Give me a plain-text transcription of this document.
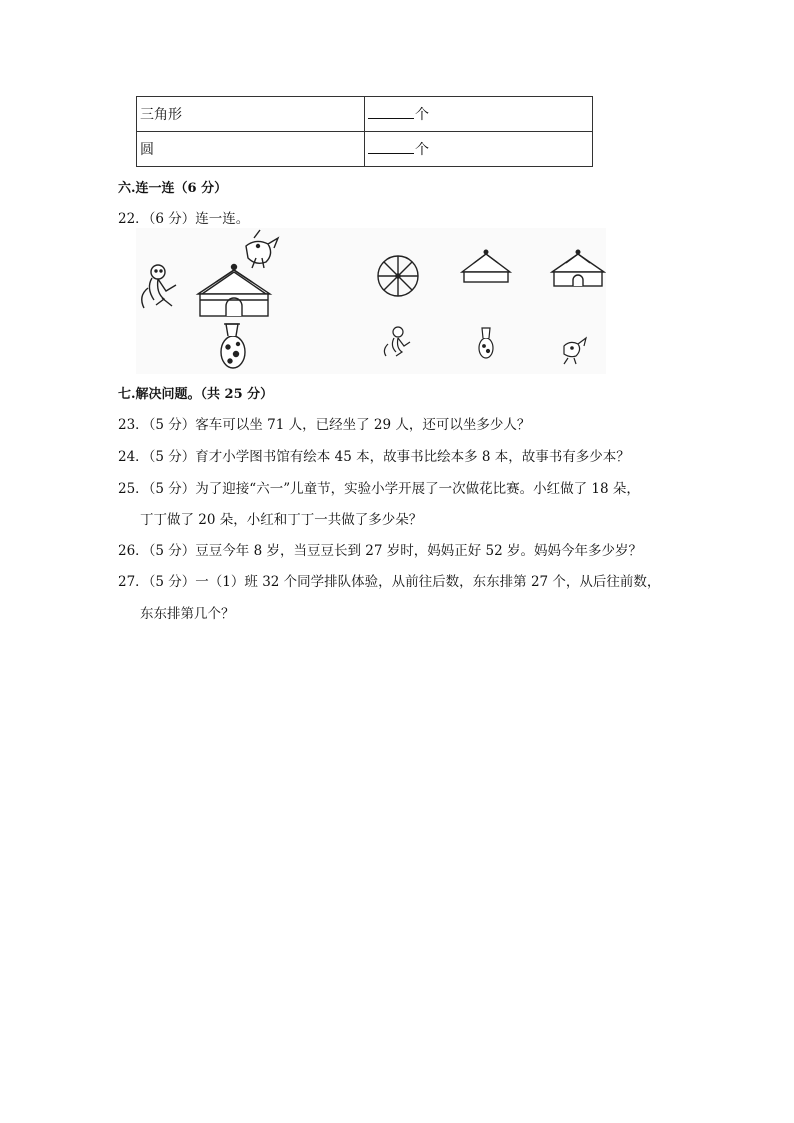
三角形	个
圆	个
六.连一连（6 分）
22．（6 分）连一连。
七.解决问题。（共 25 分）
23．（5 分）客车可以坐 71 人，已经坐了 29 人，还可以坐多少人？
24．（5 分）育才小学图书馆有绘本 45 本，故事书比绘本多 8 本，故事书有多少本？
25．（5 分）为了迎接“六一”儿童节，实验小学开展了一次做花比赛。小红做了 18 朵，
丁丁做了 20 朵，小红和丁丁一共做了多少朵？
26．（5 分）豆豆今年 8 岁，当豆豆长到 27 岁时，妈妈正好 52 岁。妈妈今年多少岁？
27．（5 分）一（1）班 32 个同学排队体验，从前往后数，东东排第 27 个，从后往前数，
东东排第几个？
